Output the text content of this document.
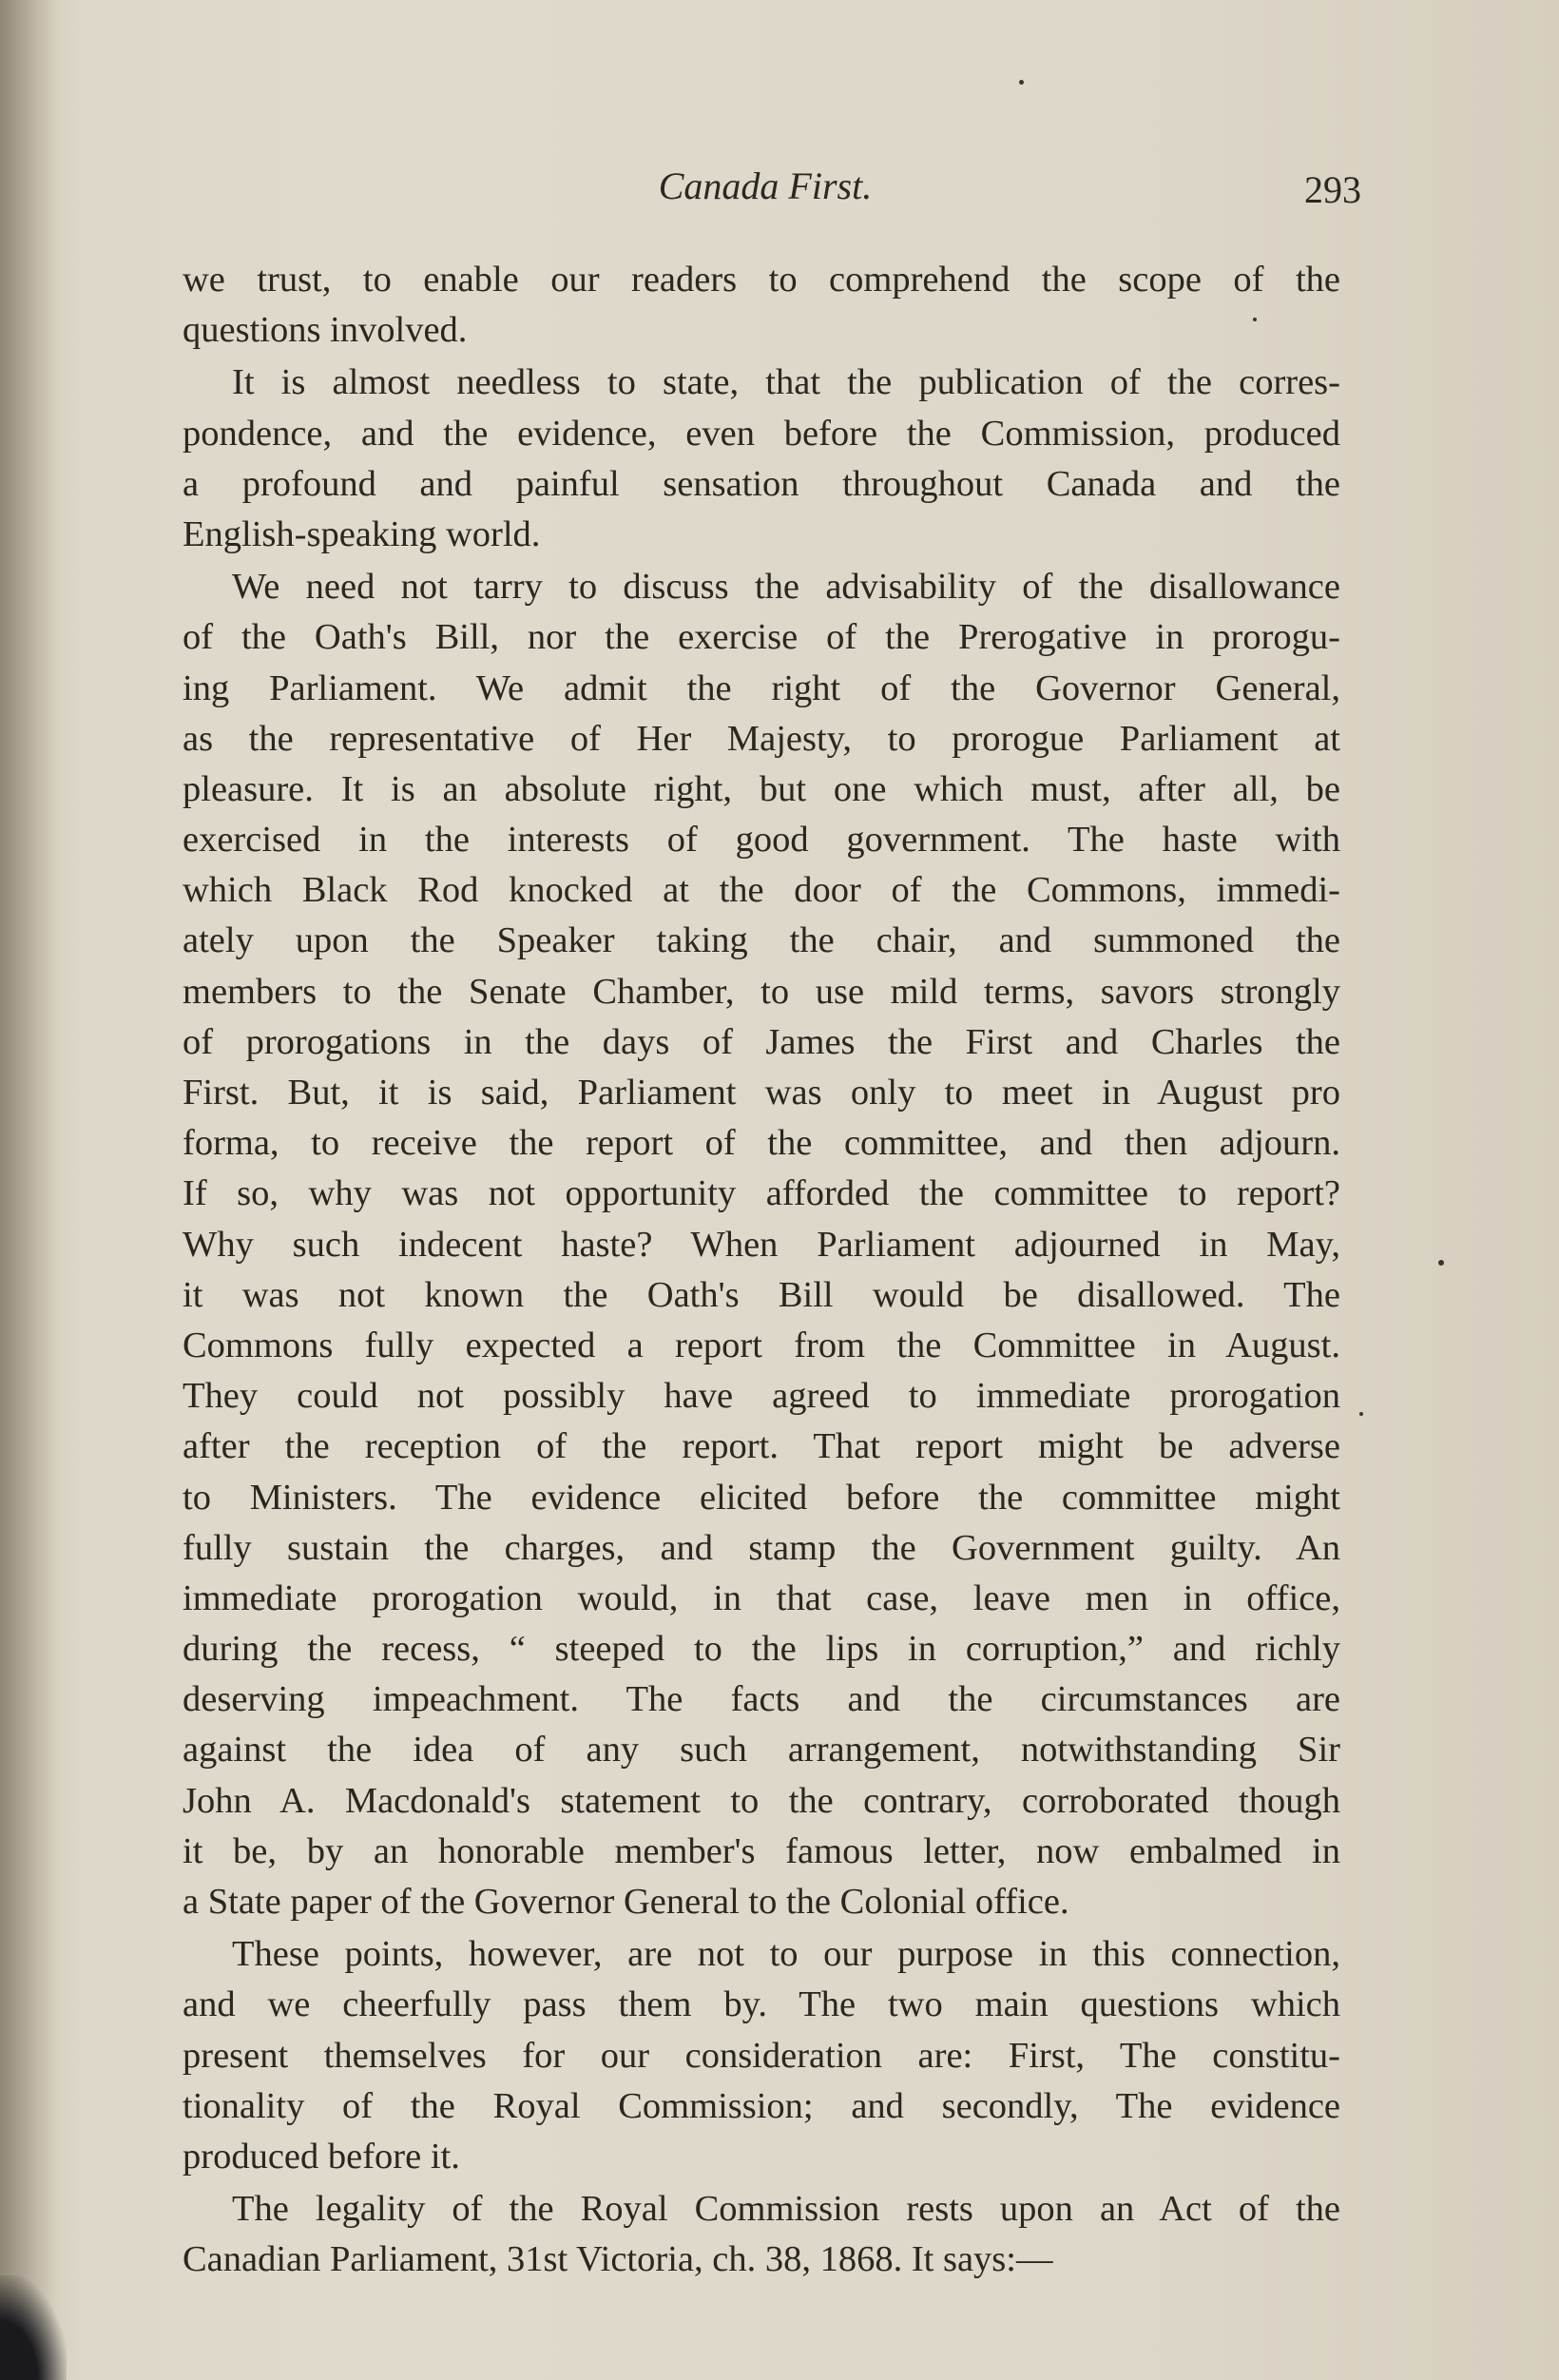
Canada First.	293
we trust, to enable our readers to comprehend the scope of the
questions involved.
It is almost needless to state, that the publication of the corres-
pondence, and the evidence, even before the Commission, produced
a profound and painful sensation throughout Canada and the
English-speaking world.
We need not tarry to discuss the advisability of the disallowance
of the Oath's Bill, nor the exercise of the Prerogative in prorogu-
ing Parliament. We admit the right of the Governor General,
as the representative of Her Majesty, to prorogue Parliament at
pleasure. It is an absolute right, but one which must, after all, be
exercised in the interests of good government. The haste with
which Black Rod knocked at the door of the Commons, immedi-
ately upon the Speaker taking the chair, and summoned the
members to the Senate Chamber, to use mild terms, savors strongly
of prorogations in the days of James the First and Charles the
First. But, it is said, Parliament was only to meet in August pro
forma, to receive the report of the committee, and then adjourn.
If so, why was not opportunity afforded the committee to report?
Why such indecent haste? When Parliament adjourned in May,
it was not known the Oath's Bill would be disallowed. The
Commons fully expected a report from the Committee in August.
They could not possibly have agreed to immediate prorogation
after the reception of the report. That report might be adverse
to Ministers. The evidence elicited before the committee might
fully sustain the charges, and stamp the Government guilty. An
immediate prorogation would, in that case, leave men in office,
during the recess, “ steeped to the lips in corruption,” and richly
deserving impeachment. The facts and the circumstances are
against the idea of any such arrangement, notwithstanding Sir
John A. Macdonald's statement to the contrary, corroborated though
it be, by an honorable member's famous letter, now embalmed in
a State paper of the Governor General to the Colonial office.
These points, however, are not to our purpose in this connection,
and we cheerfully pass them by. The two main questions which
present themselves for our consideration are: First, The constitu-
tionality of the Royal Commission; and secondly, The evidence
produced before it.
The legality of the Royal Commission rests upon an Act of the
Canadian Parliament, 31st Victoria, ch. 38, 1868. It says:—
